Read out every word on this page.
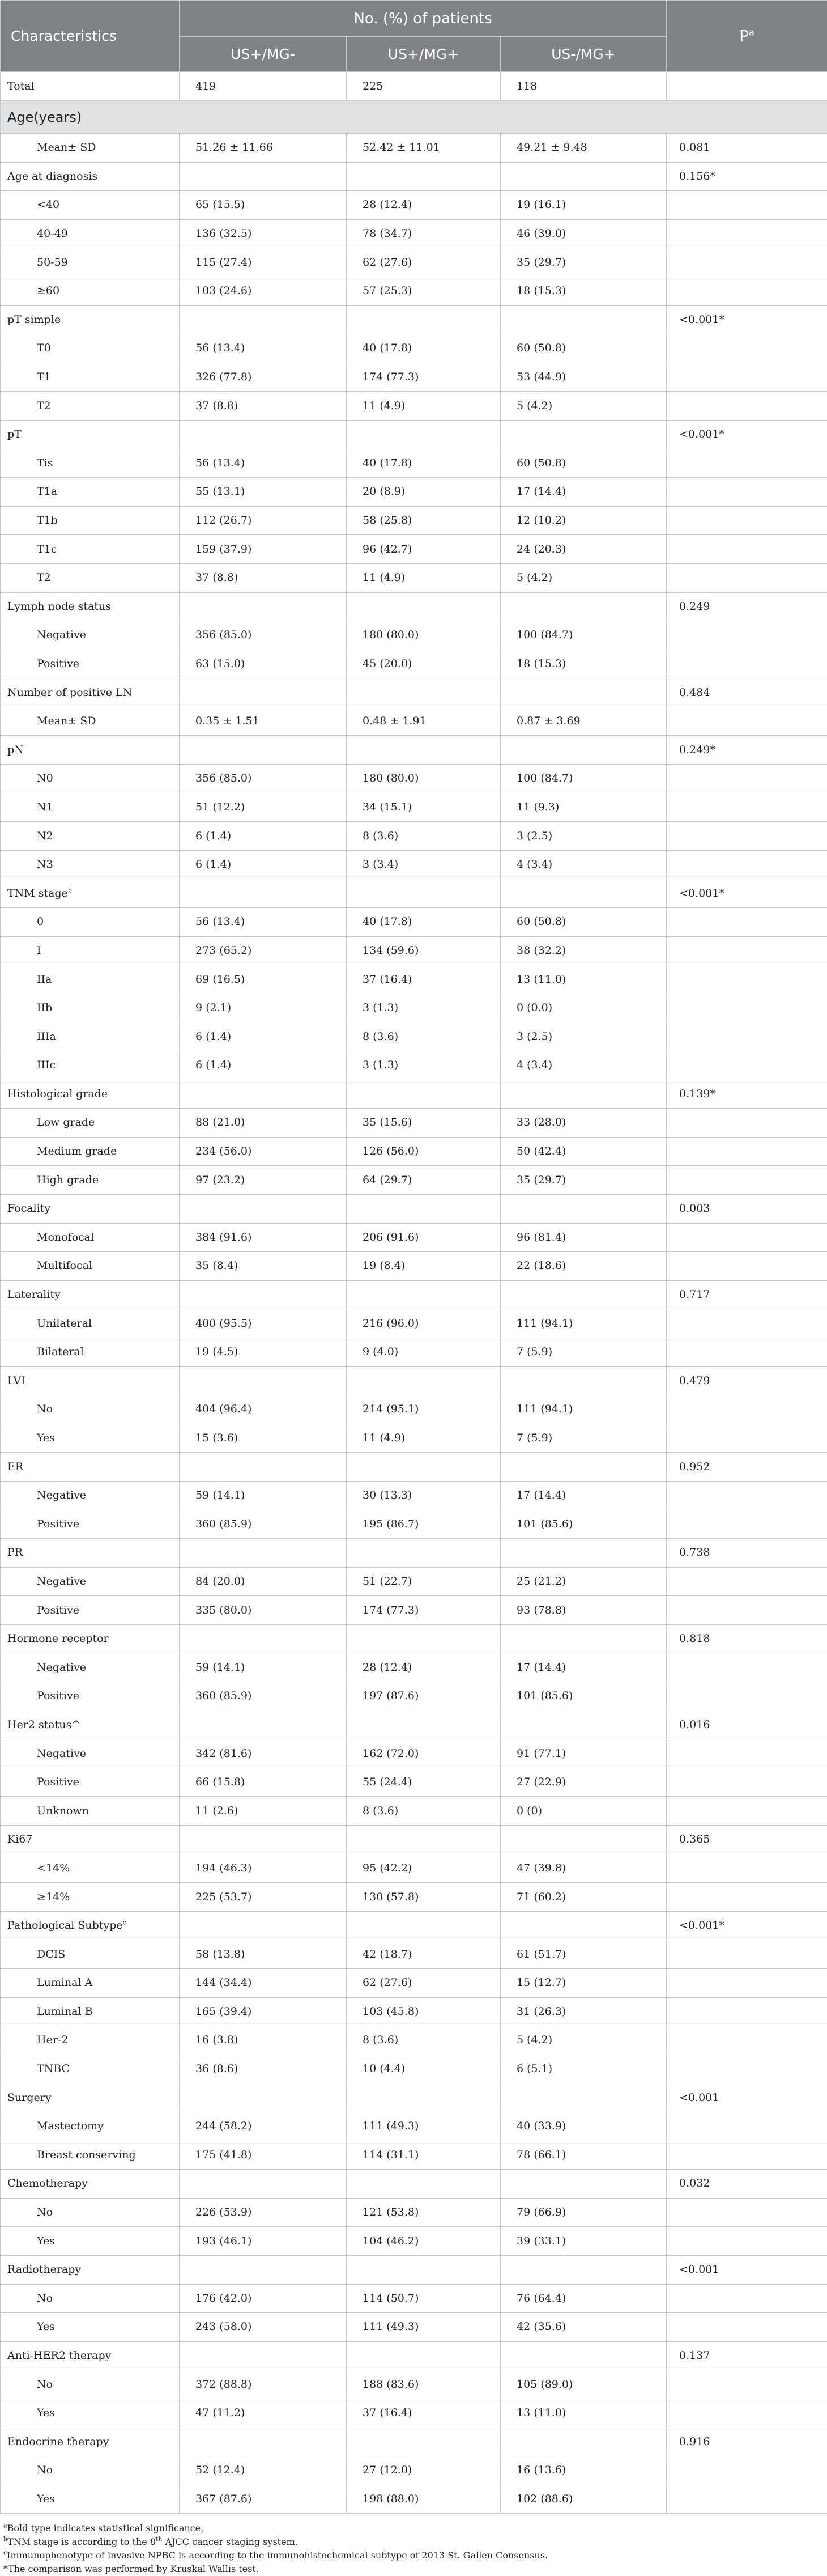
Characteristics	No. (%) of patients			$P^a$
	US+/MG-	US+/MG+	US-/MG+	
Total	419	225	118	
Age(years)				
Mean± SD	51.26 ± 11.66	52.42 ± 11.01	49.21 ± 9.48	0.081
Age at diagnosis				0.156*
<40	65 (15.5)	28 (12.4)	19 (16.1)	
40-49	136 (32.5)	78 (34.7)	46 (39.0)	
50-59	115 (27.4)	62 (27.6)	35 (29.7)	
≥60	103 (24.6)	57 (25.3)	18 (15.3)	
pT simple				<0.001*
T0	56 (13.4)	40 (17.8)	60 (50.8)	
T1	326 (77.8)	174 (77.3)	53 (44.9)	
T2	37 (8.8)	11 (4.9)	5 (4.2)	
pT				<0.001*
Tis	56 (13.4)	40 (17.8)	60 (50.8)	
T1a	55 (13.1)	20 (8.9)	17 (14.4)	
T1b	112 (26.7)	58 (25.8)	12 (10.2)	
T1c	159 (37.9)	96 (42.7)	24 (20.3)	
T2	37 (8.8)	11 (4.9)	5 (4.2)	
Lymph node status				0.249
Negative	356 (85.0)	180 (80.0)	100 (84.7)	
Positive	63 (15.0)	45 (20.0)	18 (15.3)	
Number of positive LN				0.484
Mean± SD	0.35 ± 1.51	0.48 ± 1.91	0.87 ± 3.69	
pN				0.249*
N0	356 (85.0)	180 (80.0)	100 (84.7)	
N1	51 (12.2)	34 (15.1)	11 (9.3)	
N2	6 (1.4)	8 (3.6)	3 (2.5)	
N3	6 (1.4)	3 (3.4)	4 (3.4)	
TNM stage$^b$				<0.001*
0	56 (13.4)	40 (17.8)	60 (50.8)	
I	273 (65.2)	134 (59.6)	38 (32.2)	
IIa	69 (16.5)	37 (16.4)	13 (11.0)	
IIb	9 (2.1)	3 (1.3)	0 (0.0)	
IIIa	6 (1.4)	8 (3.6)	3 (2.5)	
IIIc	6 (1.4)	3 (1.3)	4 (3.4)	
Histological grade				0.139*
Low grade	88 (21.0)	35 (15.6)	33 (28.0)	
Medium grade	234 (56.0)	126 (56.0)	50 (42.4)	
High grade	97 (23.2)	64 (29.7)	35 (29.7)	
Focality				0.003
Monofocal	384 (91.6)	206 (91.6)	96 (81.4)	
Multifocal	35 (8.4)	19 (8.4)	22 (18.6)	
Laterality				0.717
Unilateral	400 (95.5)	216 (96.0)	111 (94.1)	
Bilateral	19 (4.5)	9 (4.0)	7 (5.9)	
LVI				0.479
No	404 (96.4)	214 (95.1)	111 (94.1)	
Yes	15 (3.6)	11 (4.9)	7 (5.9)	
ER				0.952
Negative	59 (14.1)	30 (13.3)	17 (14.4)	
Positive	360 (85.9)	195 (86.7)	101 (85.6)	
PR				0.738
Negative	84 (20.0)	51 (22.7)	25 (21.2)	
Positive	335 (80.0)	174 (77.3)	93 (78.8)	
Hormone receptor				0.818
Negative	59 (14.1)	28 (12.4)	17 (14.4)	
Positive	360 (85.9)	197 (87.6)	101 (85.6)	
Her2 status^				0.016
Negative	342 (81.6)	162 (72.0)	91 (77.1)	
Positive	66 (15.8)	55 (24.4)	27 (22.9)	
Unknown	11 (2.6)	8 (3.6)	0 (0)	
Ki67				0.365
<14%	194 (46.3)	95 (42.2)	47 (39.8)	
≥14%	225 (53.7)	130 (57.8)	71 (60.2)	
Pathological Subtype$^c$				<0.001*
DCIS	58 (13.8)	42 (18.7)	61 (51.7)	
Luminal A	144 (34.4)	62 (27.6)	15 (12.7)	
Luminal B	165 (39.4)	103 (45.8)	31 (26.3)	
Her-2	16 (3.8)	8 (3.6)	5 (4.2)	
TNBC	36 (8.6)	10 (4.4)	6 (5.1)	
Surgery				<0.001
Mastectomy	244 (58.2)	111 (49.3)	40 (33.9)	
Breast conserving	175 (41.8)	114 (31.1)	78 (66.1)	
Chemotherapy				0.032
No	226 (53.9)	121 (53.8)	79 (66.9)	
Yes	193 (46.1)	104 (46.2)	39 (33.1)	
Radiotherapy				<0.001
No	176 (42.0)	114 (50.7)	76 (64.4)	
Yes	243 (58.0)	111 (49.3)	42 (35.6)	
Anti-HER2 therapy				0.137
No	372 (88.8)	188 (83.6)	105 (89.0)	
Yes	47 (11.2)	37 (16.4)	13 (11.0)	
Endocrine therapy				0.916
No	52 (12.4)	27 (12.0)	16 (13.6)	
Yes	367 (87.6)	198 (88.0)	102 (88.6)	
$^a$Bold type indicates statistical significance.
$^b$TNM stage is according to the 8th AJCC cancer staging system.
$^c$Immunophenotype of invasive NPBC is according to the immunohistochemical subtype of 2013 St. Gallen Consensus.
*The comparison was performed by Kruskal Wallis test.
